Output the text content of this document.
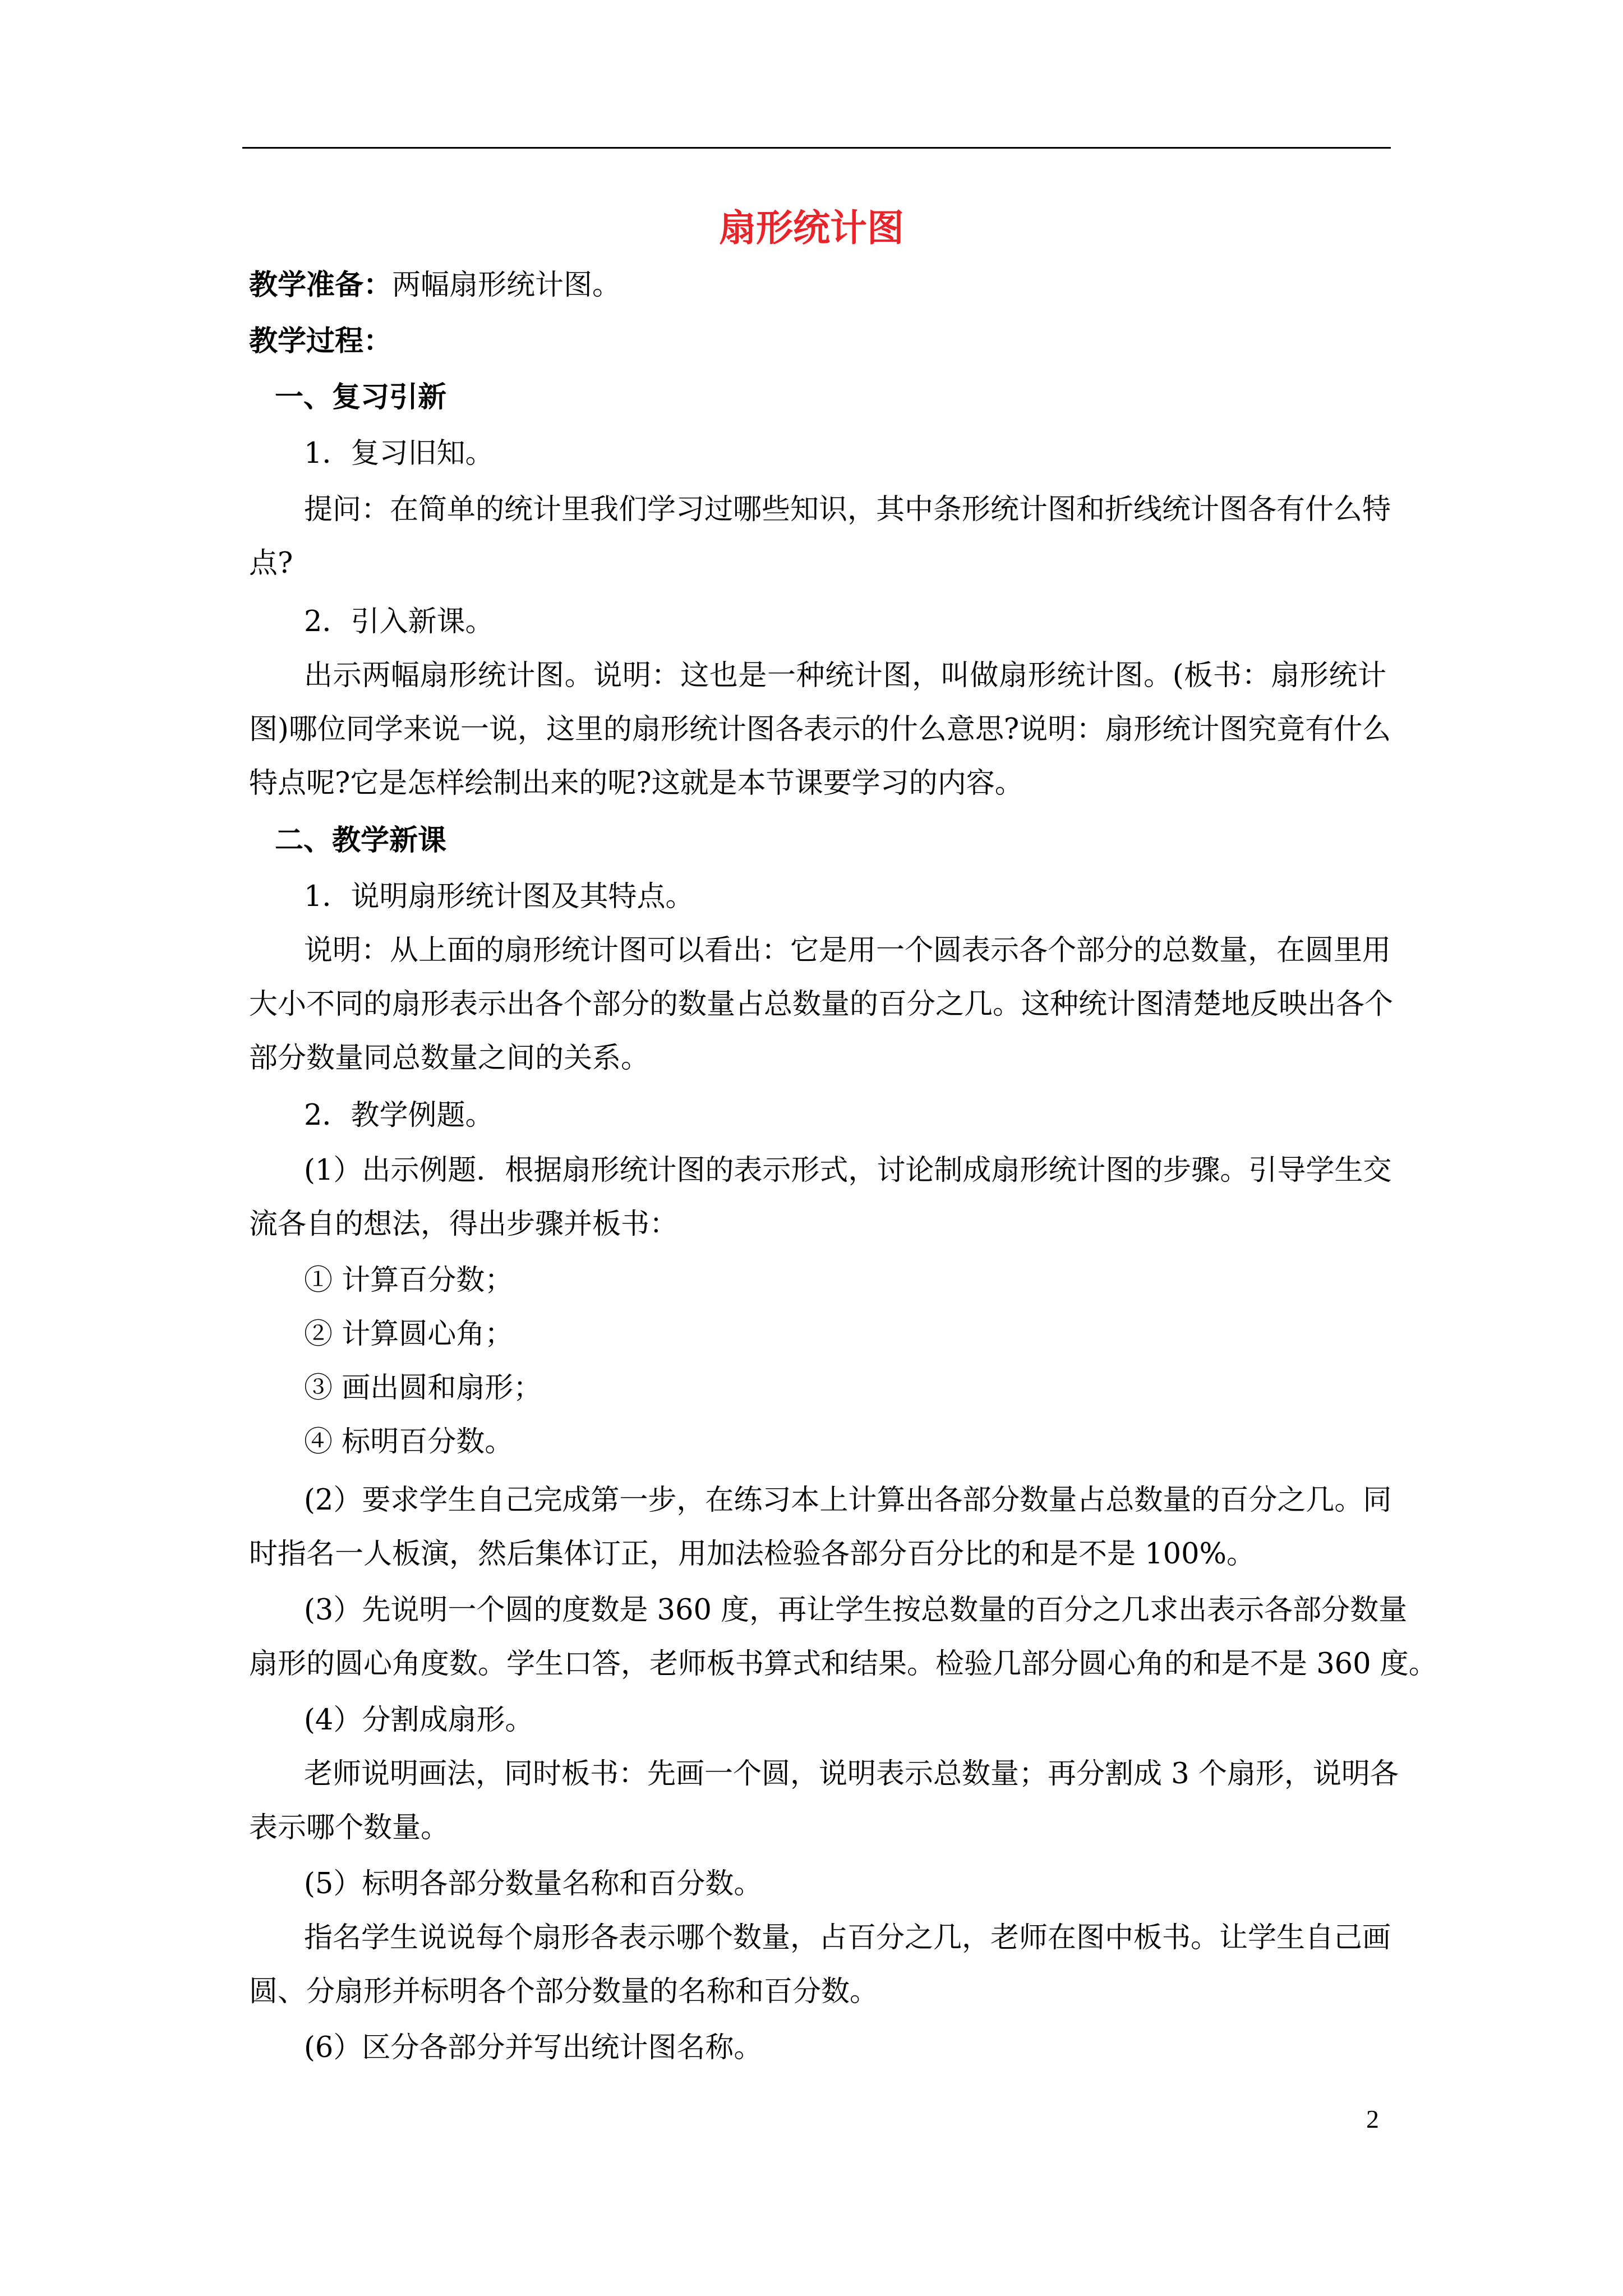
扇形统计图

教学准备：两幅扇形统计图。

教学过程：

一、复习引新

1．复习旧知。

提问：在简单的统计里我们学习过哪些知识，其中条形统计图和折线统计图各有什么特

点?

2．引入新课。

出示两幅扇形统计图。说明：这也是一种统计图，叫做扇形统计图。(板书：扇形统计

图)哪位同学来说一说，这里的扇形统计图各表示的什么意思?说明：扇形统计图究竟有什么

特点呢?它是怎样绘制出来的呢?这就是本节课要学习的内容。

二、教学新课

1．说明扇形统计图及其特点。

说明：从上面的扇形统计图可以看出：它是用一个圆表示各个部分的总数量，在圆里用

大小不同的扇形表示出各个部分的数量占总数量的百分之几。这种统计图清楚地反映出各个

部分数量同总数量之间的关系。

2．教学例题。

(1）出示例题．根据扇形统计图的表示形式，讨论制成扇形统计图的步骤。引导学生交

流各自的想法，得出步骤并板书：

① 计算百分数；

② 计算圆心角；

③ 画出圆和扇形；

④ 标明百分数。

(2）要求学生自己完成第一步，在练习本上计算出各部分数量占总数量的百分之几。同

时指名一人板演，然后集体订正，用加法检验各部分百分比的和是不是 100%。

(3）先说明一个圆的度数是 360 度，再让学生按总数量的百分之几求出表示各部分数量

扇形的圆心角度数。学生口答，老师板书算式和结果。检验几部分圆心角的和是不是 360 度。

(4）分割成扇形。

老师说明画法，同时板书：先画一个圆，说明表示总数量；再分割成 3 个扇形，说明各

表示哪个数量。

(5）标明各部分数量名称和百分数。

指名学生说说每个扇形各表示哪个数量，占百分之几，老师在图中板书。让学生自己画

圆、分扇形并标明各个部分数量的名称和百分数。

(6）区分各部分并写出统计图名称。

2
